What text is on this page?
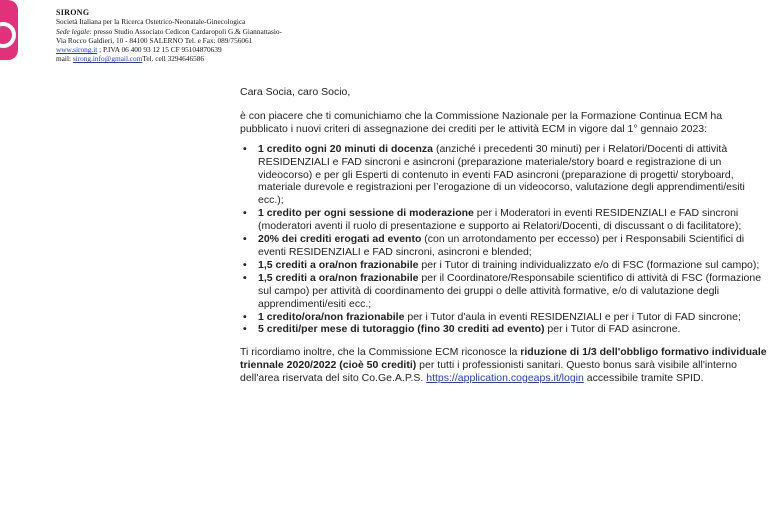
SIRONG
Società Italiana per la Ricerca Ostetrico-Neonatale-Ginecologica
Sede legale: presso Studio Associato Cedicon Cardaropoli G.& Giannattasio-
Via Rocco Galdieri, 10 - 84100 SALERNO Tel. e Fax: 089/756061
www.sirong.it ; P.IVA 06 400 93 12 15 CF 95104870639
mail: sirong.info@gmail.comTel. cell 3294646586

Cara Socia, caro Socio,

è con piacere che ti comunichiamo che la Commissione Nazionale per la Formazione Continua ECM ha pubblicato i nuovi criteri di assegnazione dei crediti per le attività ECM in vigore dal 1° gennaio 2023:

• 1 credito ogni 20 minuti di docenza (anziché i precedenti 30 minuti) per i Relatori/Docenti di attività RESIDENZIALI e FAD sincroni e asincroni (preparazione materiale/story board e registrazione di un videocorso) e per gli Esperti di contenuto in eventi FAD asincroni (preparazione di progetti/ storyboard, materiale durevole e registrazioni per l’erogazione di un videocorso, valutazione degli apprendimenti/esiti ecc.);
• 1 credito per ogni sessione di moderazione per i Moderatori in eventi RESIDENZIALI e FAD sincroni (moderatori aventi il ruolo di presentazione e supporto ai Relatori/Docenti, di discussant o di facilitatore);
• 20% dei crediti erogati ad evento (con un arrotondamento per eccesso) per i Responsabili Scientifici di eventi RESIDENZIALI e FAD sincroni, asincroni e blended;
• 1,5 crediti a ora/non frazionabile per i Tutor di training individualizzato e/o di FSC (formazione sul campo);
• 1,5 crediti a ora/non frazionabile per il Coordinatore/Responsabile scientifico di attività di FSC (formazione sul campo) per attività di coordinamento dei gruppi o delle attività formative, e/o di valutazione degli apprendimenti/esiti ecc.;
• 1 credito/ora/non frazionabile per i Tutor d'aula in eventi RESIDENZIALI e per i Tutor di FAD sincrone;
• 5 crediti/per mese di tutoraggio (fino 30 crediti ad evento) per i Tutor di FAD asincrone.

Ti ricordiamo inoltre, che la Commissione ECM riconosce la riduzione di 1/3 dell'obbligo formativo individuale triennale 2020/2022 (cioè 50 crediti) per tutti i professionisti sanitari. Questo bonus sarà visibile all'interno dell'area riservata del sito Co.Ge.A.P.S. https://application.cogeaps.it/login accessibile tramite SPID.
